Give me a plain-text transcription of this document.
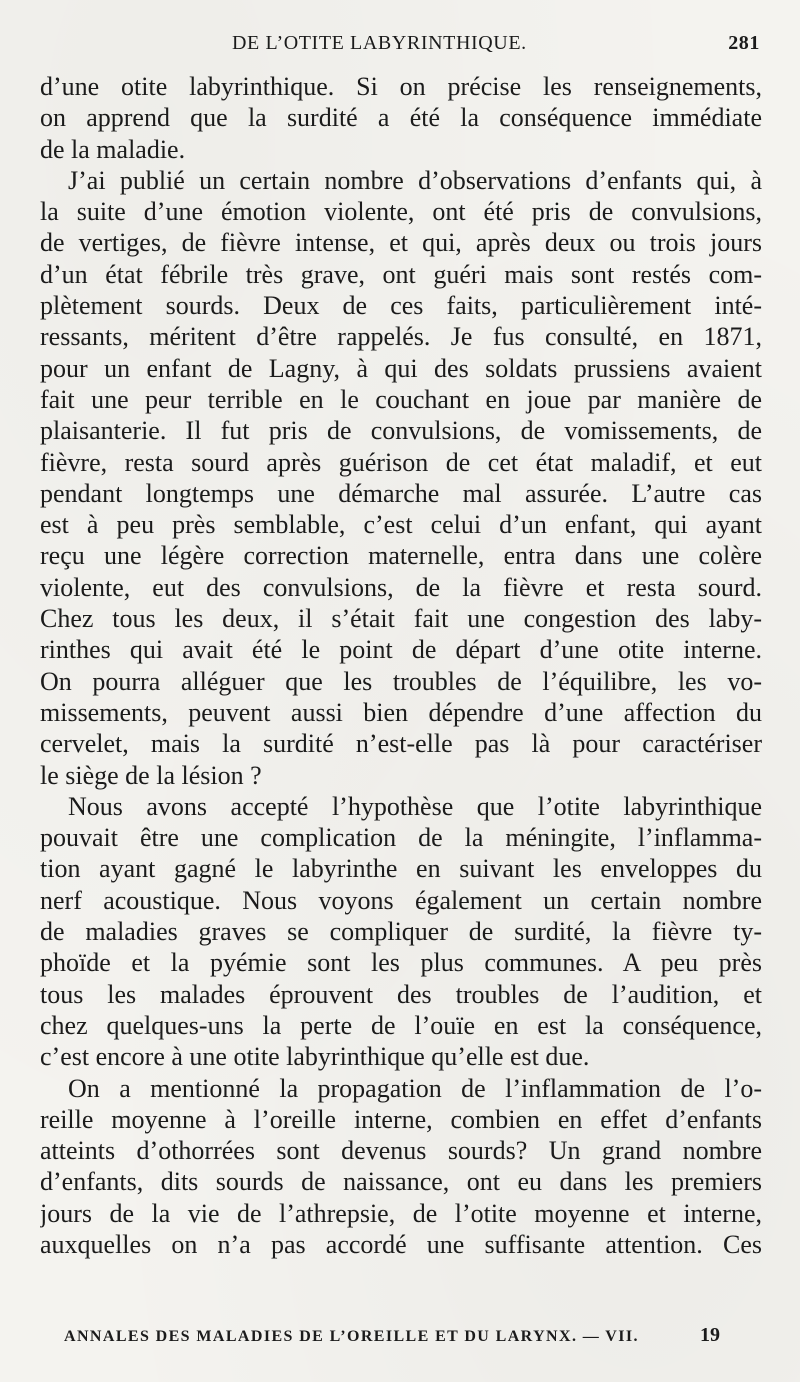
DE L’OTITE LABYRINTHIQUE.	281
d’une otite labyrinthique. Si on précise les renseignements,
on apprend que la surdité a été la conséquence immédiate
de la maladie.
J’ai publié un certain nombre d’observations d’enfants qui, à
la suite d’une émotion violente, ont été pris de convulsions,
de vertiges, de fièvre intense, et qui, après deux ou trois jours
d’un état fébrile très grave, ont guéri mais sont restés com-
plètement sourds. Deux de ces faits, particulièrement inté-
ressants, méritent d’être rappelés. Je fus consulté, en 1871,
pour un enfant de Lagny, à qui des soldats prussiens avaient
fait une peur terrible en le couchant en joue par manière de
plaisanterie. Il fut pris de convulsions, de vomissements, de
fièvre, resta sourd après guérison de cet état maladif, et eut
pendant longtemps une démarche mal assurée. L’autre cas
est à peu près semblable, c’est celui d’un enfant, qui ayant
reçu une légère correction maternelle, entra dans une colère
violente, eut des convulsions, de la fièvre et resta sourd.
Chez tous les deux, il s’était fait une congestion des laby-
rinthes qui avait été le point de départ d’une otite interne.
On pourra alléguer que les troubles de l’équilibre, les vo-
missements, peuvent aussi bien dépendre d’une affection du
cervelet, mais la surdité n’est-elle pas là pour caractériser
le siège de la lésion ?
Nous avons accepté l’hypothèse que l’otite labyrinthique
pouvait être une complication de la méningite, l’inflamma-
tion ayant gagné le labyrinthe en suivant les enveloppes du
nerf acoustique. Nous voyons également un certain nombre
de maladies graves se compliquer de surdité, la fièvre ty-
phoïde et la pyémie sont les plus communes. A peu près
tous les malades éprouvent des troubles de l’audition, et
chez quelques-uns la perte de l’ouïe en est la conséquence,
c’est encore à une otite labyrinthique qu’elle est due.
On a mentionné la propagation de l’inflammation de l’o-
reille moyenne à l’oreille interne, combien en effet d’enfants
atteints d’othorrées sont devenus sourds? Un grand nombre
d’enfants, dits sourds de naissance, ont eu dans les premiers
jours de la vie de l’athrepsie, de l’otite moyenne et interne,
auxquelles on n’a pas accordé une suffisante attention. Ces
ANNALES DES MALADIES DE L’OREILLE ET DU LARYNX. — VII.	19
